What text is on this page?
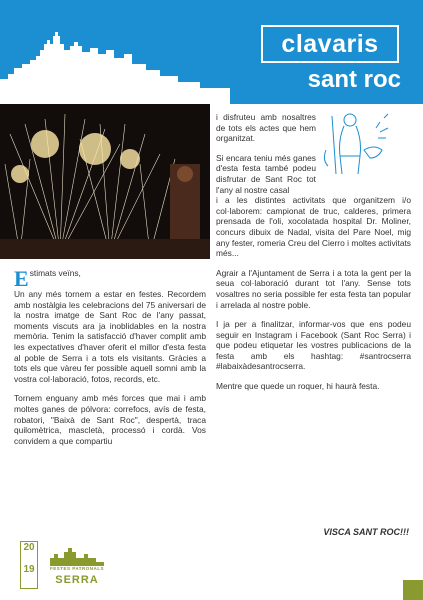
clavaris
sant roc

E stimats veïns,

Un any més tornem a estar en festes. Recordem amb nostàlgia les celebracions del 75 aniversari de la nostra imatge de Sant Roc de l'any passat, moments viscuts ara ja inoblidables en la nostra memòria. Tenim la satisfacció d'haver complit amb les expectatives d'haver oferit el millor d'esta festa al poble de Serra i a tots els visitants. Gràcies a tots els que vàreu fer possible aquell somni amb la vostra col·laboració, fotos, records, etc.

Tornem enguany amb més forces que mai i amb moltes ganes de pólvora: correfocs, avís de festa, robatori, "Baixà de Sant Roc", despertà, traca quilomètrica, mascletà, processó i cordà. Vos convidem a que compartiu

i disfruteu amb nosaltres de tots els actes que hem organitzat.

Si encara teniu més ganes d'esta festa també podeu disfrutar de Sant Roc tot l'any al nostre casal

i a les distintes activitats que organitzem i/o col·laborem: campionat de truc, calderes, primera prensada de l'oli, xocolatada hospital Dr. Moliner, concurs dibuix de Nadal, visita del Pare Noel, mig any fester, romeria Creu del Cierro i moltes activitats més...

Agrair a l'Ajuntament de Serra i a tota la gent per la seua col·laboració durant tot l'any. Sense tots vosaltres no seria possible fer esta festa tan popular i arrelada al nostre poble.

I ja per a finalitzar, informar-vos que ens podeu seguir en Instagram i Facebook (Sant Roc Serra) i que podeu etiquetar les vostres publicacions de la festa amb els hashtag: #santrocserra #labaixàdesantrocserra.

Mentre que quede un roquer, hi haurà festa.

VISCA SANT ROC!!!
20
19	FESTES PATRONALS
SERRA
